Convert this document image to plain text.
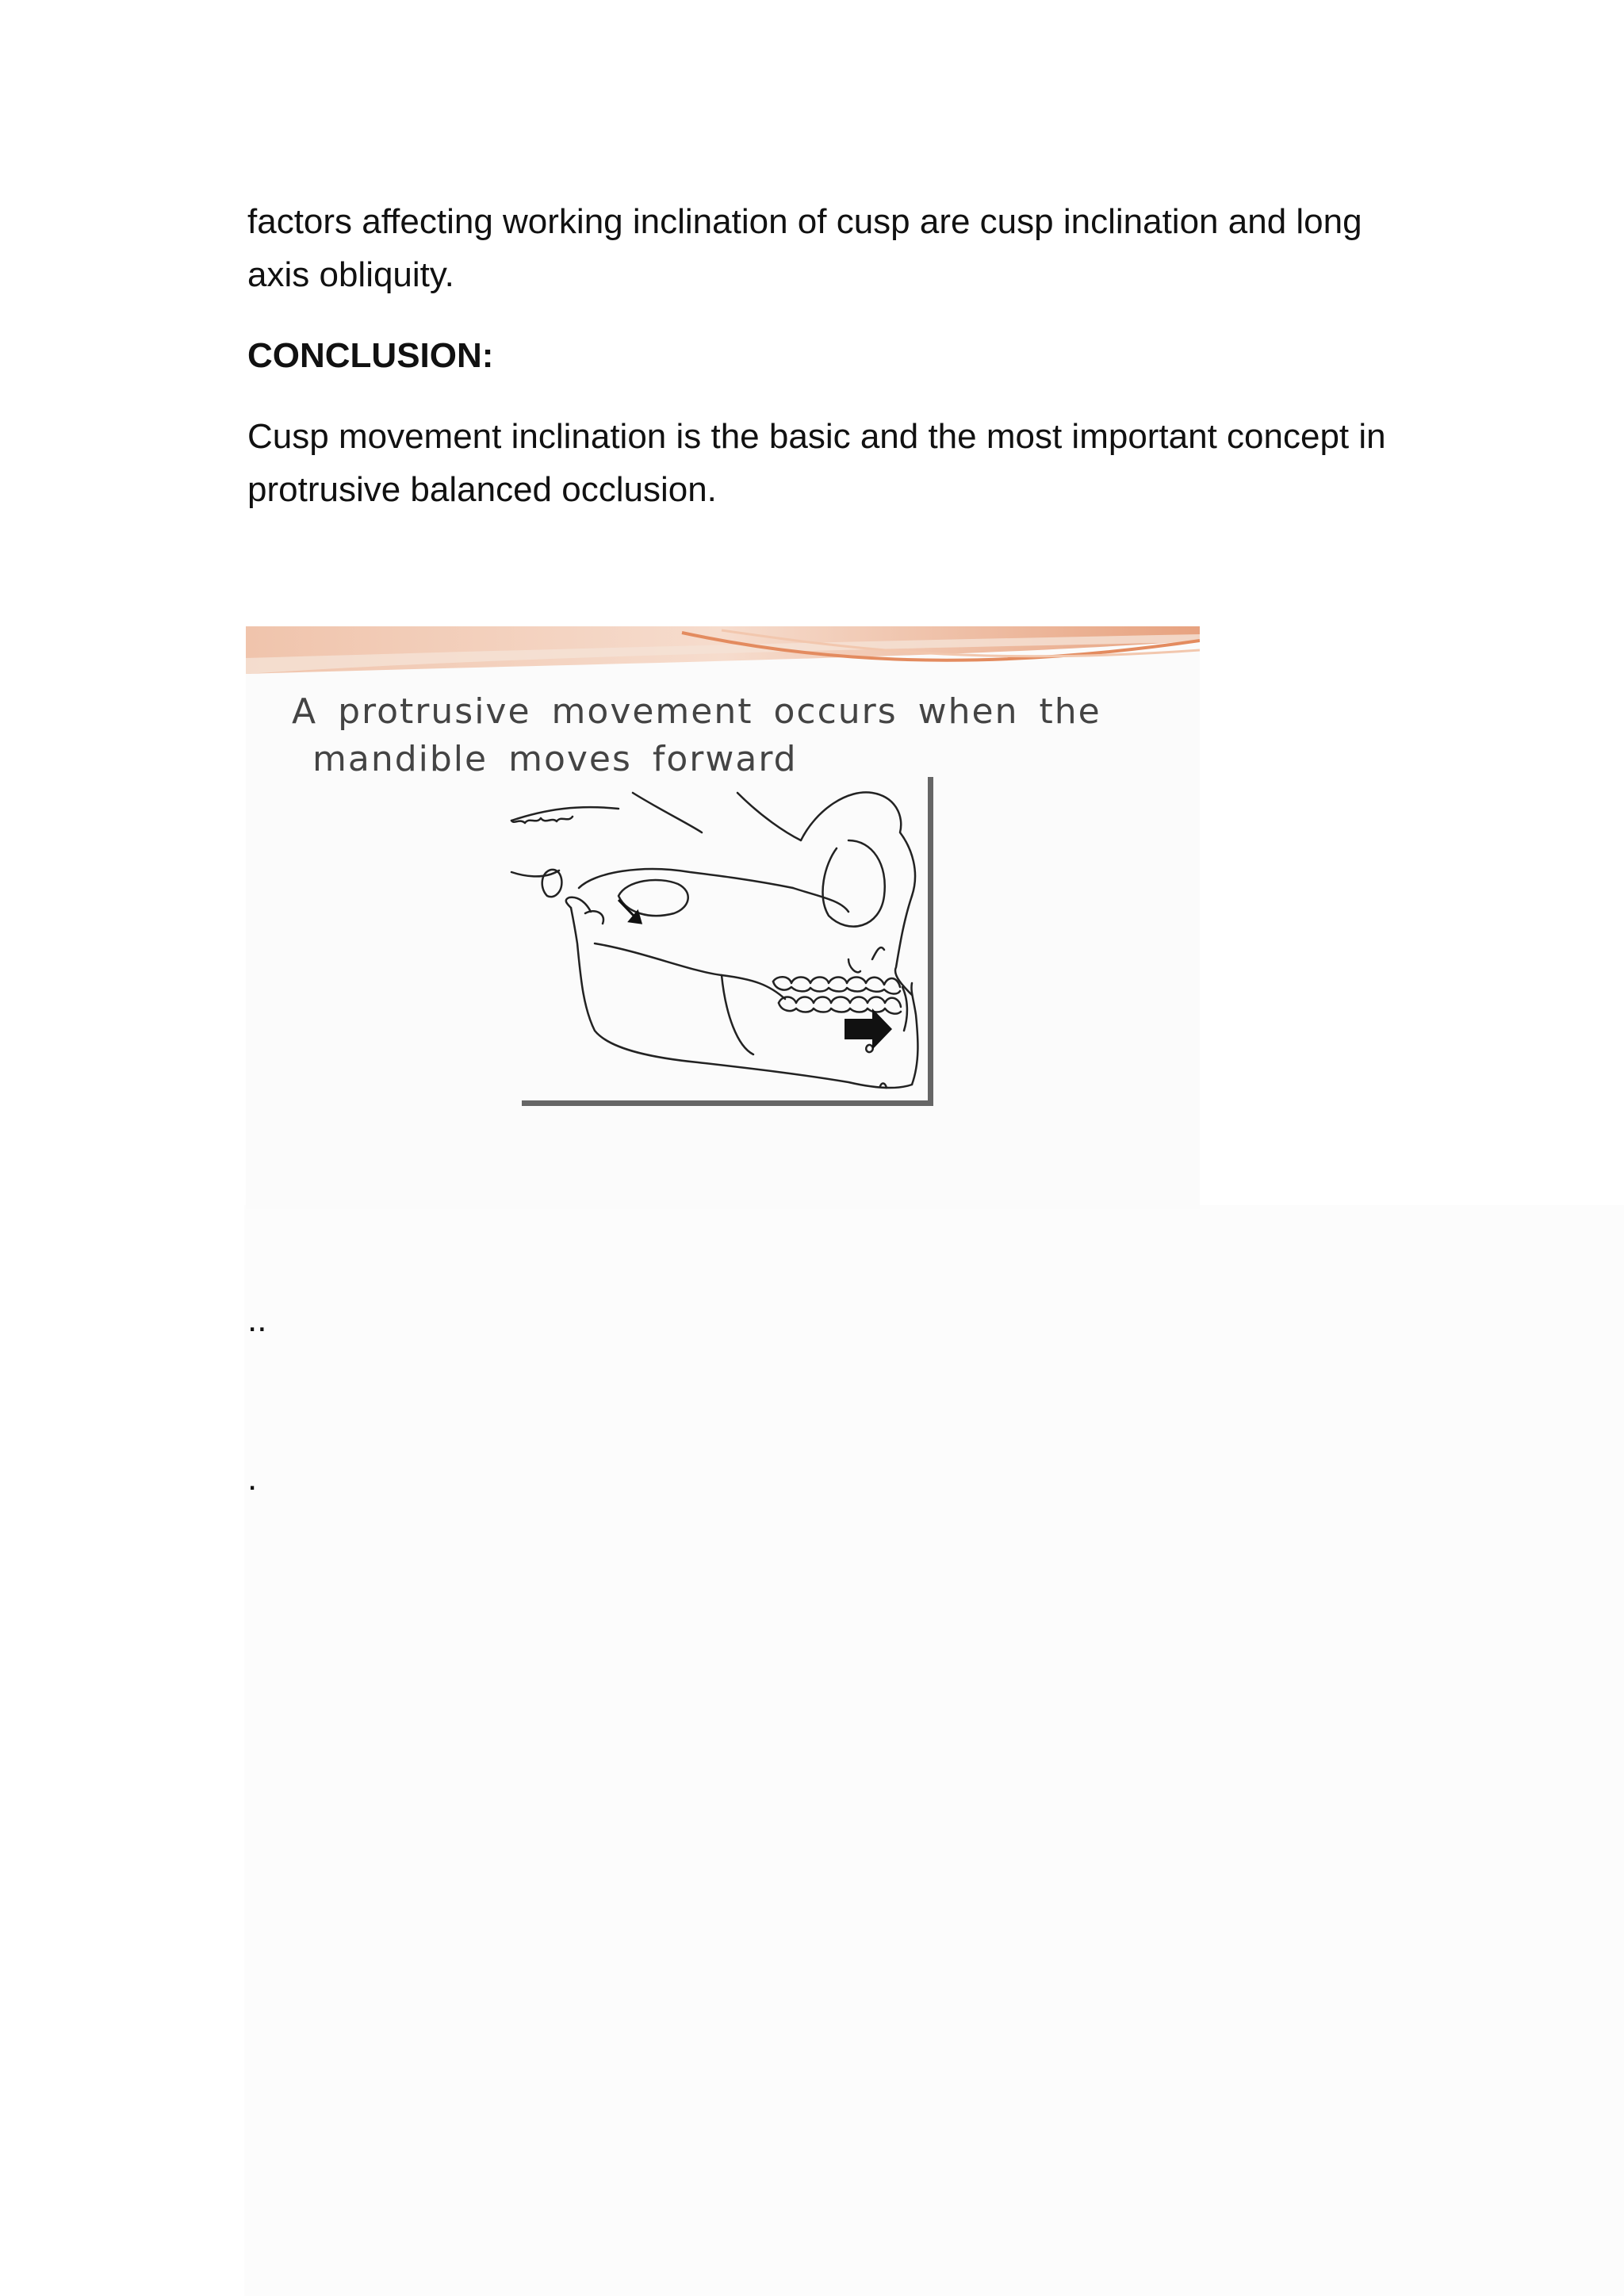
factors affecting working inclination of cusp are cusp inclination and long axis obliquity.

CONCLUSION:

Cusp movement inclination is the basic and the most important concept in protrusive balanced occlusion.

A protrusive movement occurs when the
mandible moves forward

..

.
